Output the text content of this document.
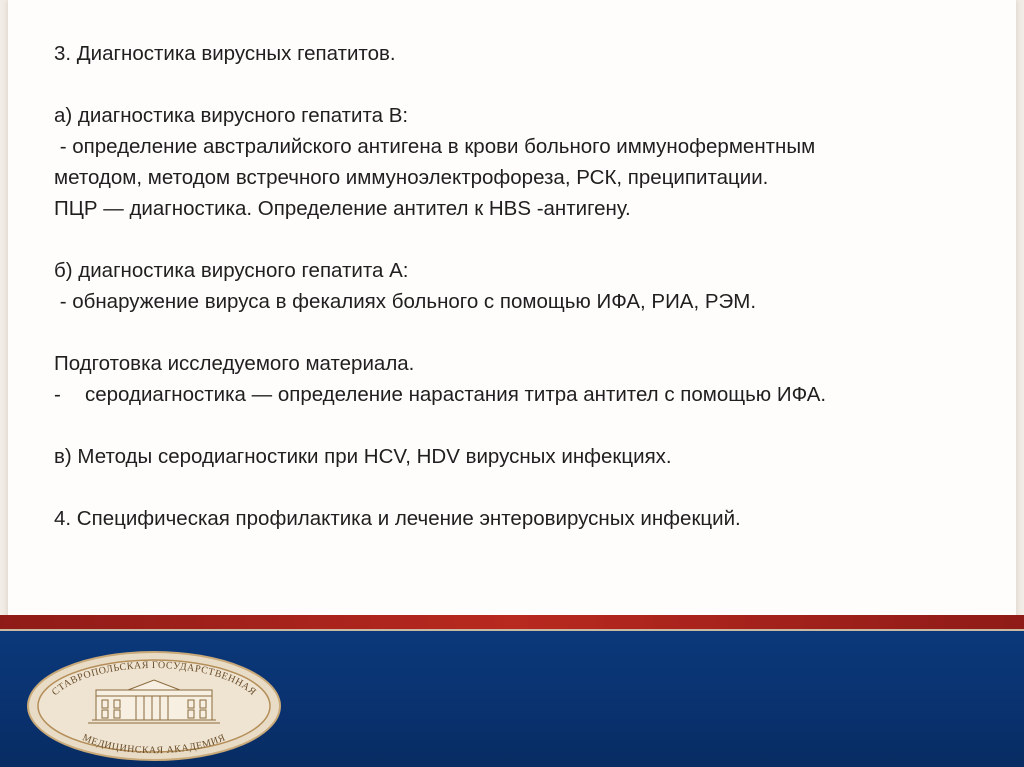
3. Диагностика вирусных гепатитов.
а) диагностика вирусного гепатита В:
- определение австралийского антигена в крови больного иммуноферментным
методом, методом встречного иммуноэлектрофореза, РСК, преципитации.
ПЦР — диагностика. Определение антител к HBS -антигену.
б) диагностика вирусного гепатита А:
- обнаружение вируса в фекалиях больного с помощью ИФА, РИА, РЭМ.
Подготовка исследуемого материала.
- серодиагностика — определение нарастания титра антител с помощью ИФА.
в) Методы серодиагностики при HCV, HDV вирусных инфекциях.
4. Специфическая профилактика и лечение энтеровирусных инфекций.
СТАВРОПОЛЬСКАЯ ГОСУДАРСТВЕННАЯ
МЕДИЦИНСКАЯ АКАДЕМИЯ
